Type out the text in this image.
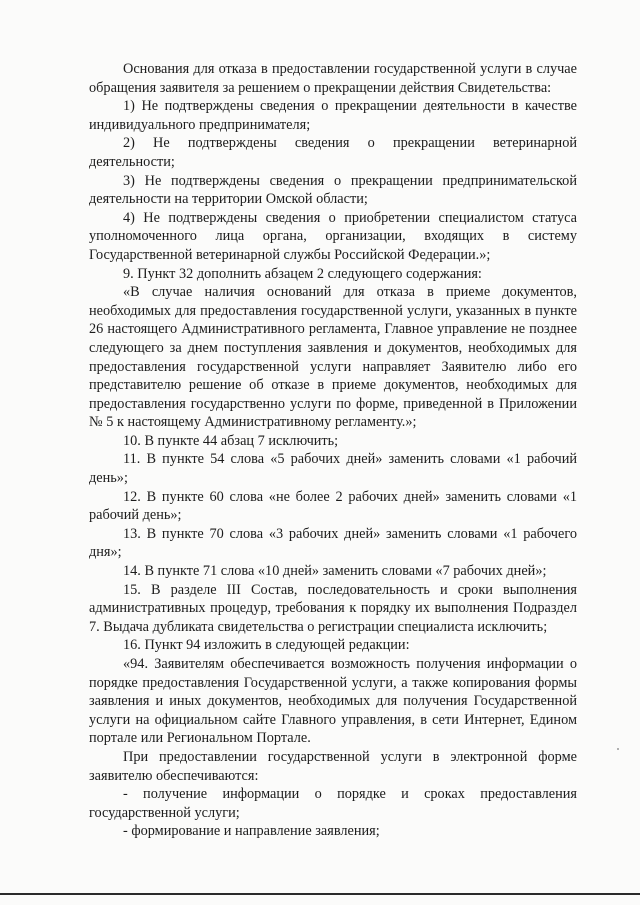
Основания для отказа в предоставлении государственной услуги в случае обращения заявителя за решением о прекращении действия Свидетельства:

1) Не подтверждены сведения о прекращении деятельности в качестве индивидуального предпринимателя;

2) Не подтверждены сведения о прекращении ветеринарной деятельности;

3) Не подтверждены сведения о прекращении предпринимательской деятельности на территории Омской области;

4) Не подтверждены сведения о приобретении специалистом статуса уполномоченного лица органа, организации, входящих в систему Государственной ветеринарной службы Российской Федерации.»;

9. Пункт 32 дополнить абзацем 2 следующего содержания:

«В случае наличия оснований для отказа в приеме документов, необходимых для предоставления государственной услуги, указанных в пункте 26 настоящего Административного регламента, Главное управление не позднее следующего за днем поступления заявления и документов, необходимых для предоставления государственной услуги направляет Заявителю либо его представителю решение об отказе в приеме документов, необходимых для предоставления государственно услуги по форме, приведенной в Приложении № 5 к настоящему Административному регламенту.»;

10. В пункте 44 абзац 7 исключить;

11. В пункте 54 слова «5 рабочих дней» заменить словами «1 рабочий день»;

12. В пункте 60 слова «не более 2 рабочих дней» заменить словами «1 рабочий день»;

13. В пункте 70 слова «3 рабочих дней» заменить словами «1 рабочего дня»;

14. В пункте 71 слова «10 дней» заменить словами «7 рабочих дней»;

15. В разделе III Состав, последовательность и сроки выполнения административных процедур, требования к порядку их выполнения Подраздел 7. Выдача дубликата свидетельства о регистрации специалиста исключить;

16. Пункт 94 изложить в следующей редакции:

«94. Заявителям обеспечивается возможность получения информации о порядке предоставления Государственной услуги, а также копирования формы заявления и иных документов, необходимых для получения Государственной услуги на официальном сайте Главного управления, в сети Интернет, Едином портале или Региональном Портале.

При предоставлении государственной услуги в электронной форме заявителю обеспечиваются:

- получение информации о порядке и сроках предоставления государственной услуги;

- формирование и направление заявления;
